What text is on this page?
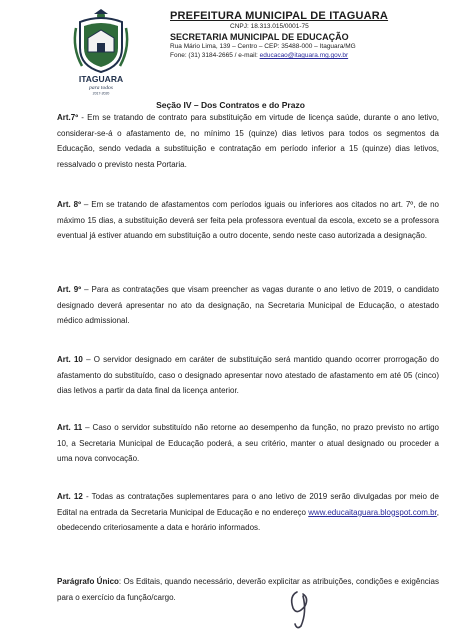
ITAGUARA
para todos
2017-2020
PREFEITURA MUNICIPAL DE ITAGUARA
CNPJ: 18.313.015/0001-75
SECRETARIA MUNICIPAL DE EDUCAÇÃO
Rua Mário Lima, 139 – Centro – CEP: 35488-000 – Itaguara/MG
Fone: (31) 3184-2665 / e-mail: educacao@itaguara.mg.gov.br
Seção IV – Dos Contratos e do Prazo

Art.7º - Em se tratando de contrato para substituição em virtude de licença saúde, durante o ano letivo, considerar-se-á o afastamento de, no mínimo 15 (quinze) dias letivos para todos os segmentos da Educação, sendo vedada a substituição e contratação em período inferior a 15 (quinze) dias letivos, ressalvado o previsto nesta Portaria.

Art. 8º – Em se tratando de afastamentos com períodos iguais ou inferiores aos citados no art. 7º, de no máximo 15 dias, a substituição deverá ser feita pela professora eventual da escola, exceto se a professora eventual já estiver atuando em substituição a outro docente, sendo neste caso autorizada a designação.

Art. 9º – Para as contratações que visam preencher as vagas durante o ano letivo de 2019, o candidato designado deverá apresentar no ato da designação, na Secretaria Municipal de Educação, o atestado médico admissional.

Art. 10 – O servidor designado em caráter de substituição será mantido quando ocorrer prorrogação do afastamento do substituído, caso o designado apresentar novo atestado de afastamento em até 05 (cinco) dias letivos a partir da data final da licença anterior.

Art. 11 – Caso o servidor substituído não retorne ao desempenho da função, no prazo previsto no artigo 10, a Secretaria Municipal de Educação poderá, a seu critério, manter o atual designado ou proceder a uma nova convocação.

Art. 12 - Todas as contratações suplementares para o ano letivo de 2019 serão divulgadas por meio de Edital na entrada da Secretaria Municipal de Educação e no endereço www.educaitaguara.blogspot.com.br, obedecendo criteriosamente a data e horário informados.

Parágrafo Único: Os Editais, quando necessário, deverão explicitar as atribuições, condições e exigências para o exercício da função/cargo.
